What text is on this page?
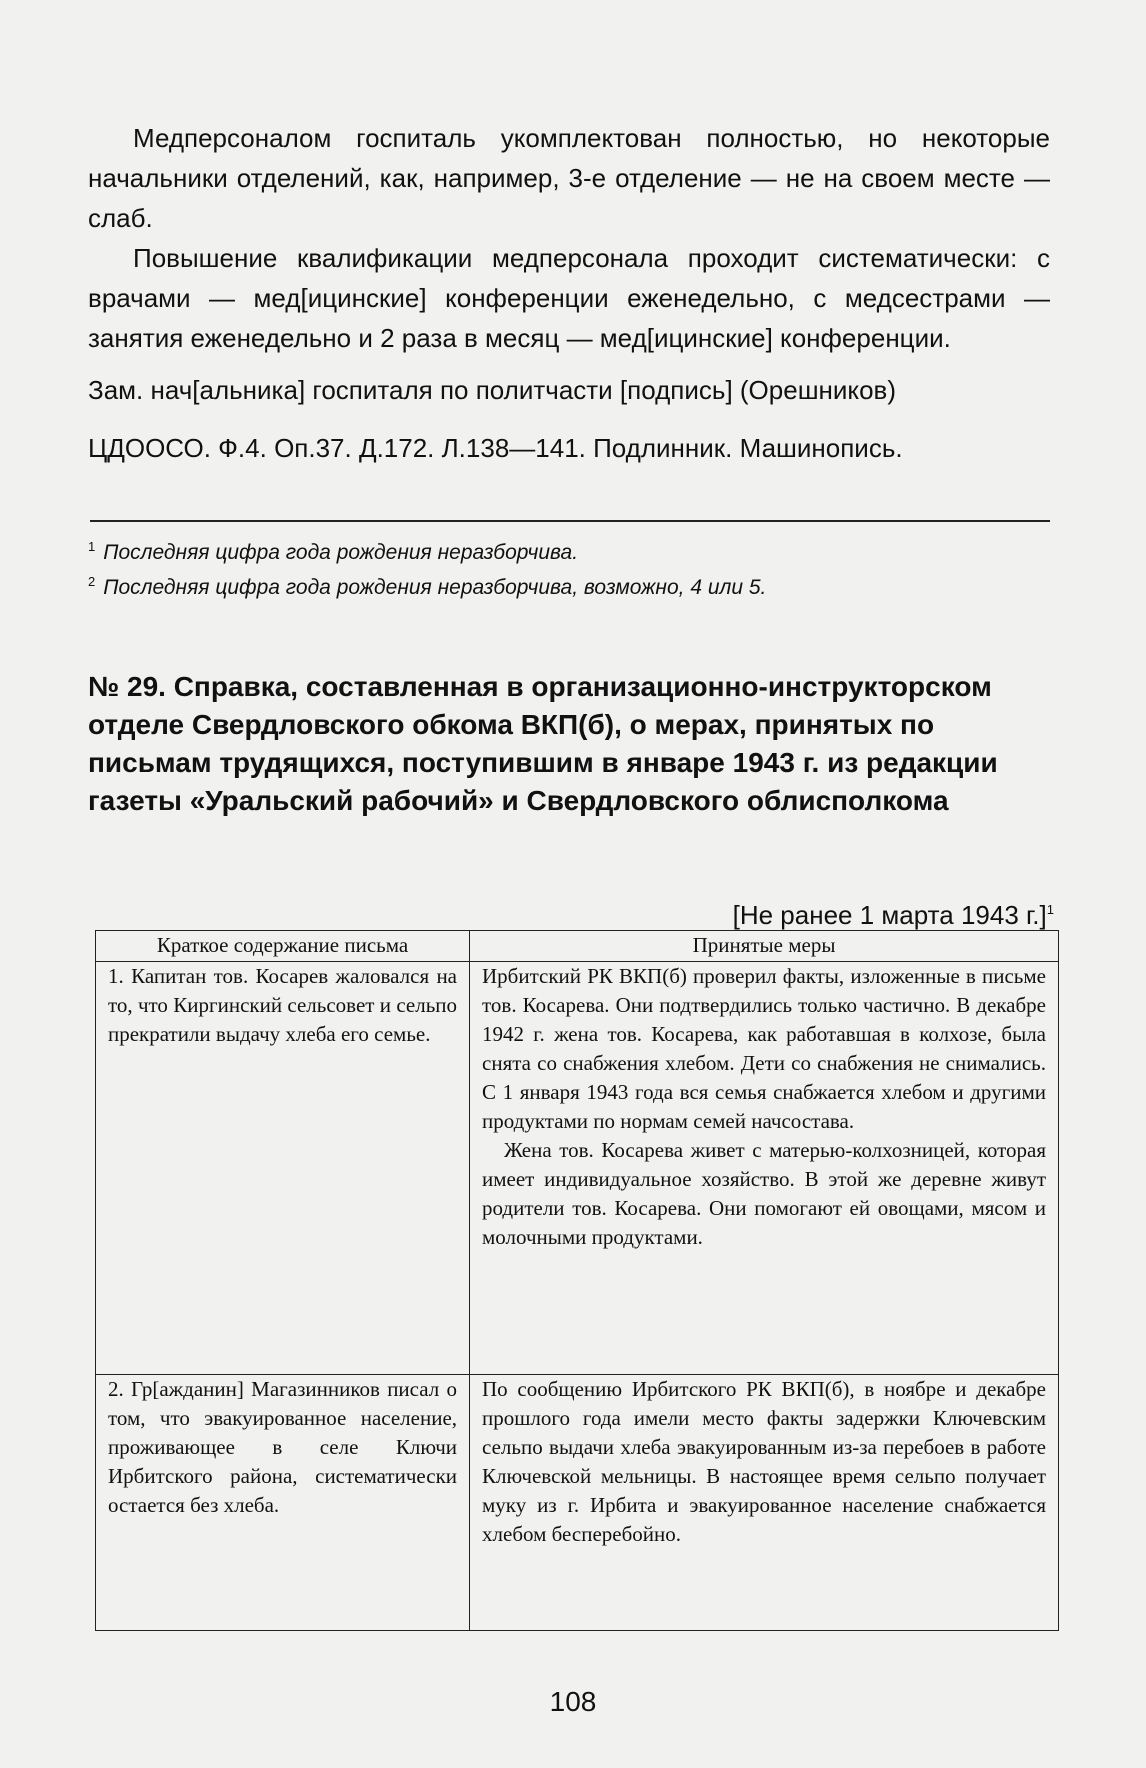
Медперсоналом госпиталь укомплектован полностью, но некоторые начальники отделений, как, например, 3-е отделение — не на своем месте — слаб.

Повышение квалификации медперсонала проходит систематически: с врачами — мед[ицинские] конференции еженедельно, с медсестрами — занятия еженедельно и 2 раза в месяц — мед[ицинские] конференции.

Зам. нач[альника] госпиталя по политчасти [подпись] (Орешников)

ЦДООСО. Ф.4. Оп.37. Д.172. Л.138—141. Подлинник. Машинопись.

$^1$ Последняя цифра года рождения неразборчива.
$^2$ Последняя цифра года рождения неразборчива, возможно, 4 или 5.
№ 29. Справка, составленная в организационно-инструкторском отделе Свердловского обкома ВКП(б), о мерах, принятых по письмам трудящихся, поступившим в январе 1943 г. из редакции газеты «Уральский рабочий» и Свердловского облисполкома
[Не ранее 1 марта 1943 г.]$^1$
Краткое содержание письма	Принятые меры

1. Капитан тов. Косарев жаловался на то, что Киргинский сельсовет и сельпо прекратили выдачу хлеба его семье.	Ирбитский РК ВКП(б) проверил факты, изложенные в письме тов. Косарева. Они подтвердились только частично. В декабре 1942 г. жена тов. Косарева, как работавшая в колхозе, была снята со снабжения хлебом. Дети со снабжения не снимались. С 1 января 1943 года вся семья снабжается хлебом и другими продуктами по нормам семей начсостава.

Жена тов. Косарева живет с матерью-колхозницей, которая имеет индивидуальное хозяйство. В этой же деревне живут родители тов. Косарева. Они помогают ей овощами, мясом и молочными продуктами.

2. Гр[ажданин] Магазинников писал о том, что эвакуированное население, проживающее в селе Ключи Ирбитского района, систематически остается без хлеба.	По сообщению Ирбитского РК ВКП(б), в ноябре и декабре прошлого года имели место факты задержки Ключевским сельпо выдачи хлеба эвакуированным из-за перебоев в работе Ключевской мельницы. В настоящее время сельпо получает муку из г. Ирбита и эвакуированное население снабжается хлебом бесперебойно.

108
